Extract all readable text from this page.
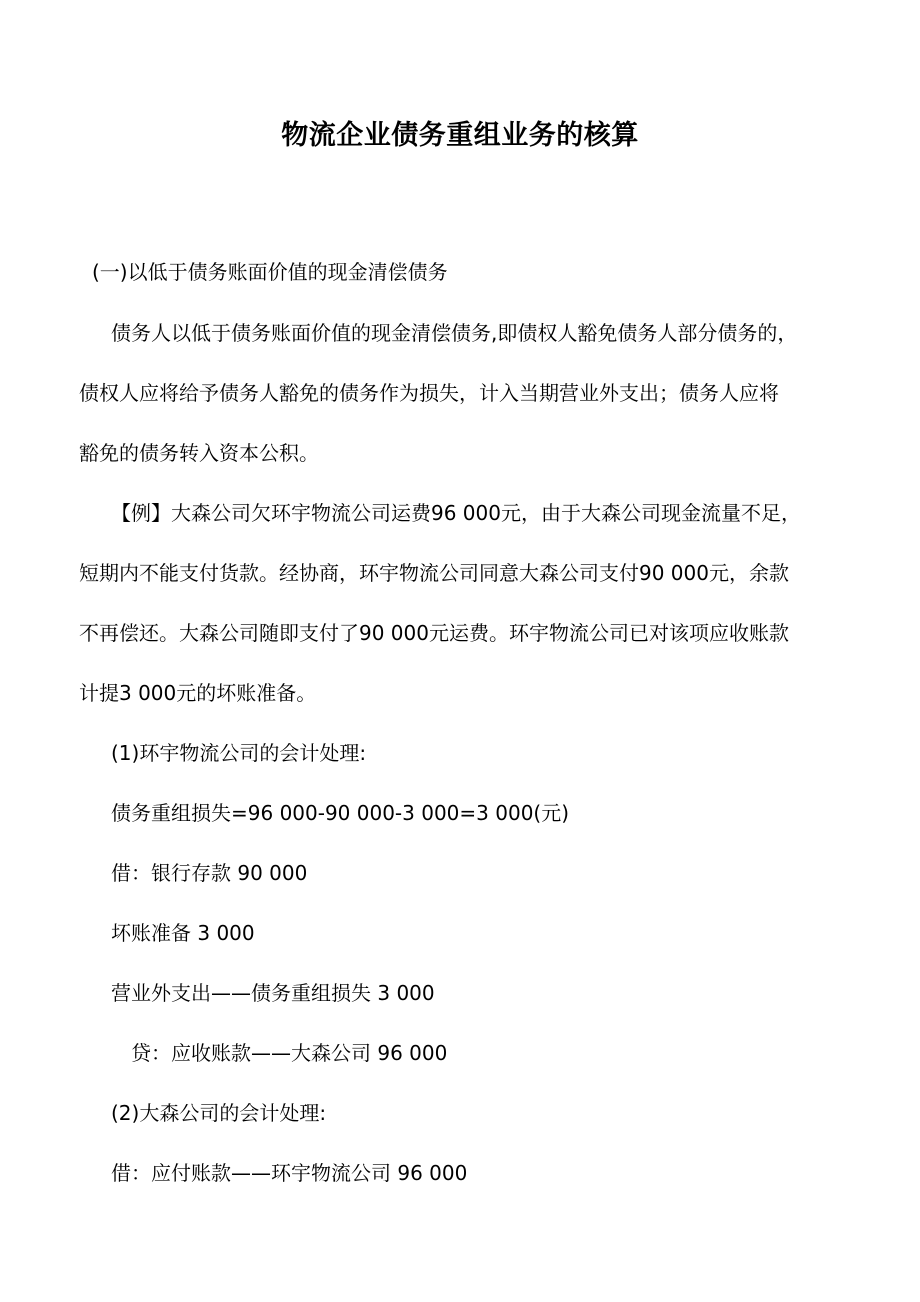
物流企业债务重组业务的核算
(一)以低于债务账面价值的现金清偿债务
债务人以低于债务账面价值的现金清偿债务,即债权人豁免债务人部分债务的，
债权人应将给予债务人豁免的债务作为损失，计入当期营业外支出；债务人应将
豁免的债务转入资本公积。
【例】大森公司欠环宇物流公司运费96 000元，由于大森公司现金流量不足，
短期内不能支付货款。经协商，环宇物流公司同意大森公司支付90 000元，余款
不再偿还。大森公司随即支付了90 000元运费。环宇物流公司已对该项应收账款
计提3 000元的坏账准备。
(1)环宇物流公司的会计处理:
债务重组损失=96 000-90 000-3 000=3 000(元)
借：银行存款 90 000
坏账准备 3 000
营业外支出——债务重组损失 3 000
贷：应收账款——大森公司 96 000
(2)大森公司的会计处理:
借：应付账款——环宇物流公司 96 000
